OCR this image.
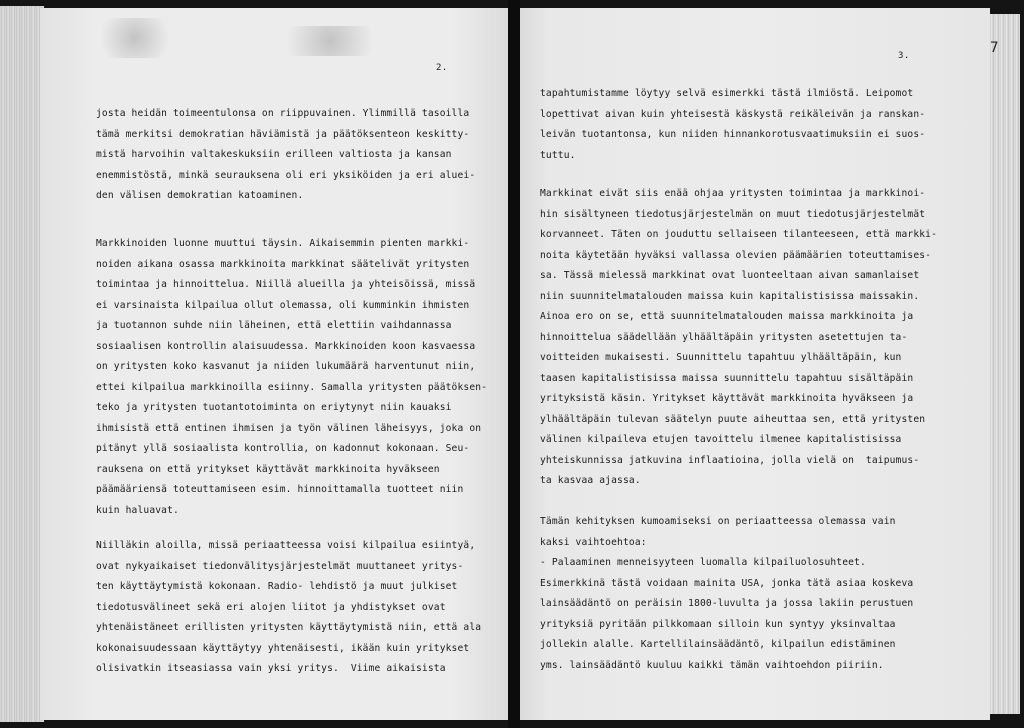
2.
josta heidän toimeentulonsa on riippuvainen. Ylimmillä tasoilla
tämä merkitsi demokratian häviämistä ja päätöksenteon keskitty-
mistä harvoihin valtakeskuksiin erilleen valtiosta ja kansan
enemmistöstä, minkä seurauksena oli eri yksiköiden ja eri aluei-
den välisen demokratian katoaminen.
Markkinoiden luonne muuttui täysin. Aikaisemmin pienten markki-
noiden aikana osassa markkinoita markkinat säätelivät yritysten
toimintaa ja hinnoittelua. Niillä alueilla ja yhteisöissä, missä
ei varsinaista kilpailua ollut olemassa, oli kumminkin ihmisten
ja tuotannon suhde niin läheinen, että elettiin vaihdannassa
sosiaalisen kontrollin alaisuudessa. Markkinoiden koon kasvaessa
on yritysten koko kasvanut ja niiden lukumäärä harventunut niin,
ettei kilpailua markkinoilla esiinny. Samalla yritysten päätöksen-
teko ja yritysten tuotantotoiminta on eriytynyt niin kauaksi
ihmisistä että entinen ihmisen ja työn välinen läheisyys, joka on
pitänyt yllä sosiaalista kontrollia, on kadonnut kokonaan. Seu-
rauksena on että yritykset käyttävät markkinoita hyväkseen
päämääriensä toteuttamiseen esim. hinnoittamalla tuotteet niin
kuin haluavat.
Niilläkin aloilla, missä periaatteessa voisi kilpailua esiintyä,
ovat nykyaikaiset tiedonvälitysjärjestelmät muuttaneet yritys-
ten käyttäytymistä kokonaan. Radio- lehdistö ja muut julkiset
tiedotusvälineet sekä eri alojen liitot ja yhdistykset ovat
yhtenäistäneet erillisten yritysten käyttäytymistä niin, että ala
kokonaisuudessaan käyttäytyy yhtenäisesti, ikään kuin yritykset
olisivatkin itseasiassa vain yksi yritys.  Viime aikaisista
3.
tapahtumistamme löytyy selvä esimerkki tästä ilmiöstä. Leipomot
lopettivat aivan kuin yhteisestä käskystä reikäleivän ja ranskan-
leivän tuotantonsa, kun niiden hinnankorotusvaatimuksiin ei suos-
tuttu.
Markkinat eivät siis enää ohjaa yritysten toimintaa ja markkinoi-
hin sisältyneen tiedotusjärjestelmän on muut tiedotusjärjestelmät
korvanneet. Täten on jouduttu sellaiseen tilanteeseen, että markki-
noita käytetään hyväksi vallassa olevien päämäärien toteuttamises-
sa. Tässä mielessä markkinat ovat luonteeltaan aivan samanlaiset
niin suunnitelmatalouden maissa kuin kapitalistisissa maissakin.
Ainoa ero on se, että suunnitelmatalouden maissa markkinoita ja
hinnoittelua säädellään ylhäältäpäin yritysten asetettujen ta-
voitteiden mukaisesti. Suunnittelu tapahtuu ylhäältäpäin, kun
taasen kapitalistisissa maissa suunnittelu tapahtuu sisältäpäin
yrityksistä käsin. Yritykset käyttävät markkinoita hyväkseen ja
ylhäältäpäin tulevan säätelyn puute aiheuttaa sen, että yritysten
välinen kilpaileva etujen tavoittelu ilmenee kapitalistisissa
yhteiskunnissa jatkuvina inflaatioina, jolla vielä on  taipumus-
ta kasvaa ajassa.
Tämän kehityksen kumoamiseksi on periaatteessa olemassa vain
kaksi vaihtoehtoa:
- Palaaminen menneisyyteen luomalla kilpailuolosuhteet.
Esimerkkinä tästä voidaan mainita USA, jonka tätä asiaa koskeva
lainsäädäntö on peräisin 1800-luvulta ja jossa lakiin perustuen
yrityksiä pyritään pilkkomaan silloin kun syntyy yksinvaltaa
jollekin alalle. Kartellilainsäädäntö, kilpailun edistäminen
yms. lainsäädäntö kuuluu kaikki tämän vaihtoehdon piiriin.
7
